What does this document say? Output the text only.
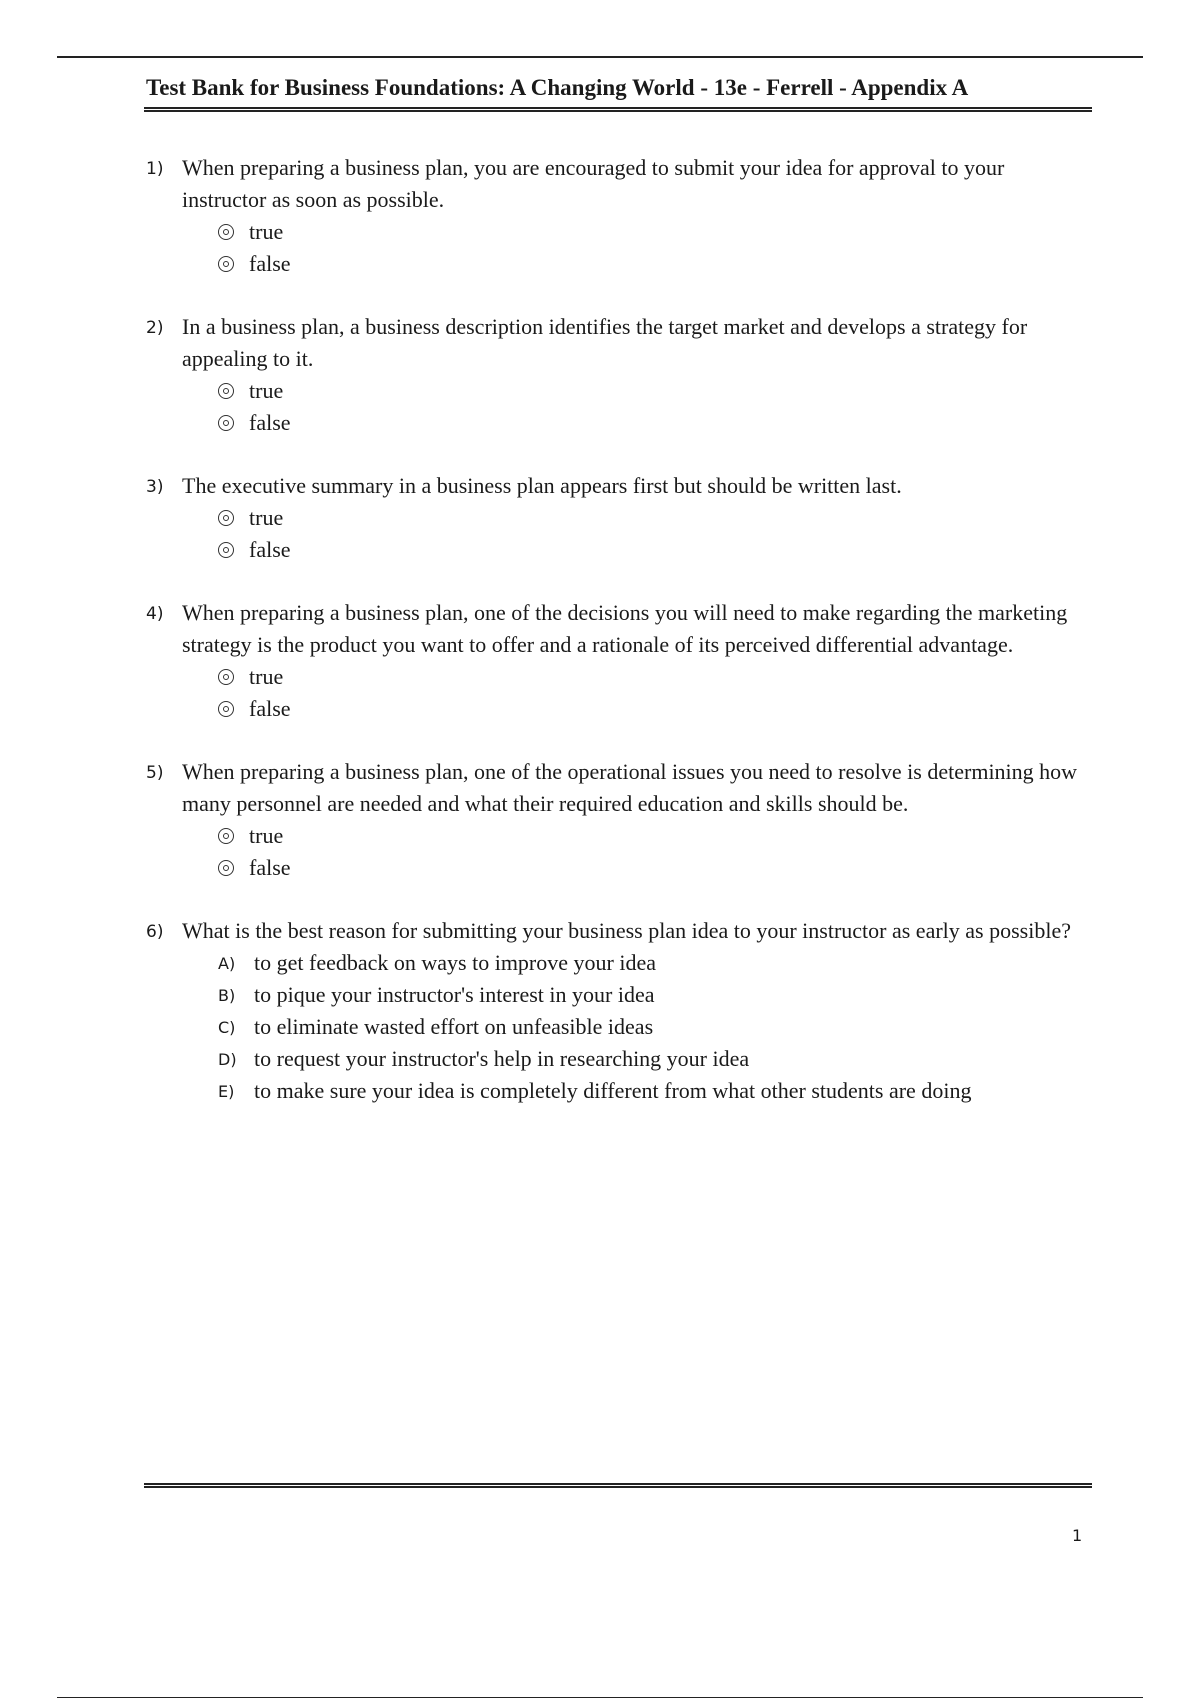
Test Bank for Business Foundations: A Changing World - 13e - Ferrell - Appendix A
1) When preparing a business plan, you are encouraged to submit your idea for approval to your instructor as soon as possible.
true
false
2) In a business plan, a business description identifies the target market and develops a strategy for appealing to it.
true
false
3) The executive summary in a business plan appears first but should be written last.
true
false
4) When preparing a business plan, one of the decisions you will need to make regarding the marketing strategy is the product you want to offer and a rationale of its perceived differential advantage.
true
false
5) When preparing a business plan, one of the operational issues you need to resolve is determining how many personnel are needed and what their required education and skills should be.
true
false
6) What is the best reason for submitting your business plan idea to your instructor as early as possible?
A) to get feedback on ways to improve your idea
B) to pique your instructor's interest in your idea
C) to eliminate wasted effort on unfeasible ideas
D) to request your instructor's help in researching your idea
E) to make sure your idea is completely different from what other students are doing
1
